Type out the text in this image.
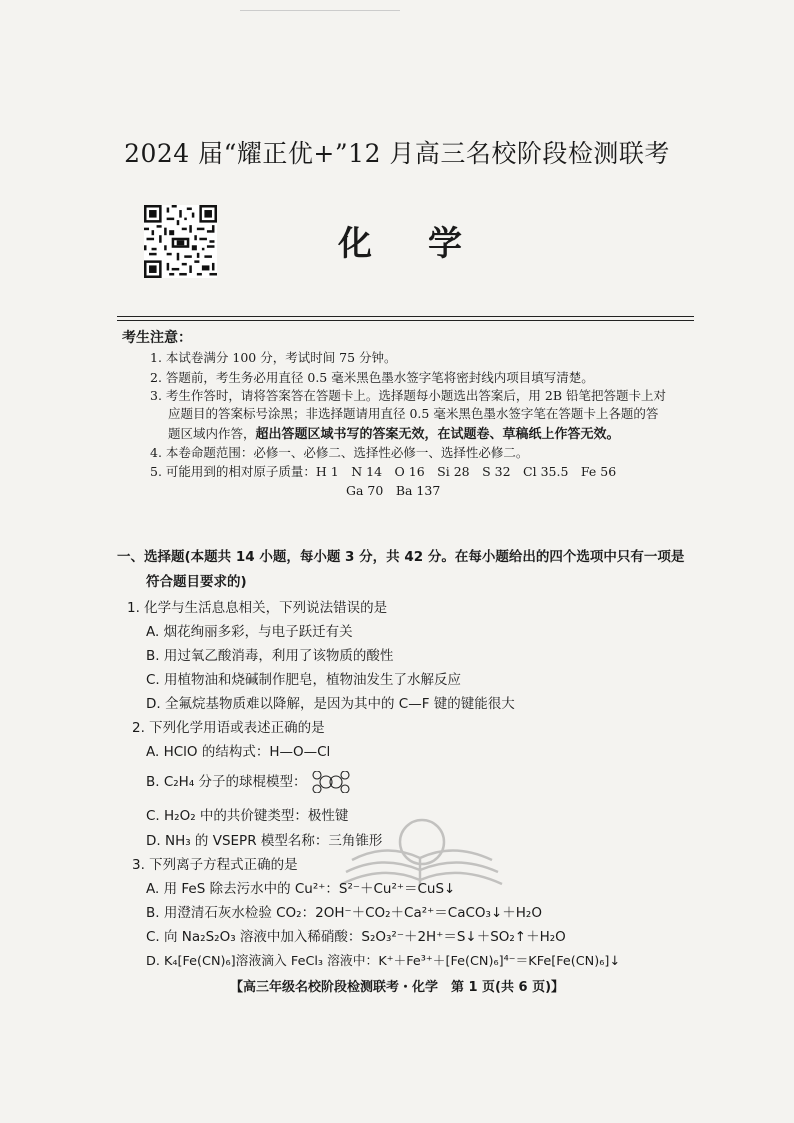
2024 届“耀正优+”12 月高三名校阶段检测联考
化学
考生注意：
1. 本试卷满分 100 分，考试时间 75 分钟。
2. 答题前，考生务必用直径 0.5 毫米黑色墨水签字笔将密封线内项目填写清楚。
3. 考生作答时，请将答案答在答题卡上。选择题每小题选出答案后，用 2B 铅笔把答题卡上对
应题目的答案标号涂黑；非选择题请用直径 0.5 毫米黑色墨水签字笔在答题卡上各题的答
题区域内作答，超出答题区域书写的答案无效，在试题卷、草稿纸上作答无效。
4. 本卷命题范围：必修一、必修二、选择性必修一、选择性必修二。
5. 可能用到的相对原子质量：H 1　N 14　O 16　Si 28　S 32　Cl 35.5　Fe 56
Ga 70　Ba 137
一、选择题(本题共 14 小题，每小题 3 分，共 42 分。在每小题给出的四个选项中只有一项是
符合题目要求的)
1. 化学与生活息息相关，下列说法错误的是
A. 烟花绚丽多彩，与电子跃迁有关
B. 用过氧乙酸消毒，利用了该物质的酸性
C. 用植物油和烧碱制作肥皂，植物油发生了水解反应
D. 全氟烷基物质难以降解，是因为其中的 C—F 键的键能很大
2. 下列化学用语或表述正确的是
A. HClO 的结构式：H—O—Cl
B. C₂H₄ 分子的球棍模型：
C. H₂O₂ 中的共价键类型：极性键
D. NH₃ 的 VSEPR 模型名称：三角锥形
3. 下列离子方程式正确的是
A. 用 FeS 除去污水中的 Cu²⁺：S²⁻＋Cu²⁺＝CuS↓
B. 用澄清石灰水检验 CO₂：2OH⁻＋CO₂＋Ca²⁺＝CaCO₃↓＋H₂O
C. 向 Na₂S₂O₃ 溶液中加入稀硝酸：S₂O₃²⁻＋2H⁺＝S↓＋SO₂↑＋H₂O
D. K₄[Fe(CN)₆]溶液滴入 FeCl₃ 溶液中：K⁺＋Fe³⁺＋[Fe(CN)₆]⁴⁻＝KFe[Fe(CN)₆]↓
【高三年级名校阶段检测联考・化学　第 1 页(共 6 页)】
